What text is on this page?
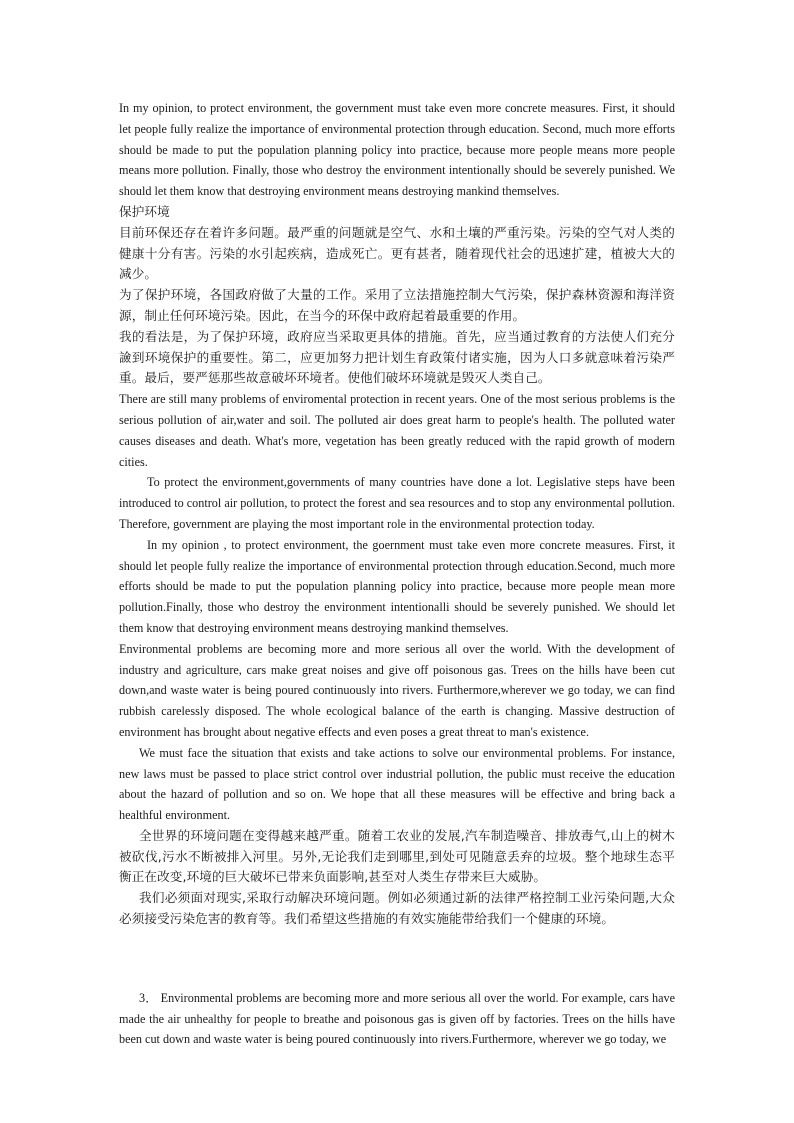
In my opinion, to protect environment, the government must take even more concrete measures. First, it should let people fully realize the importance of environmental protection through education. Second, much more efforts should be made to put the population planning policy into practice, because more people means more people means more pollution. Finally, those who destroy the environment intentionally should be severely punished. We should let them know that destroying environment means destroying mankind themselves.

保护环境

目前环保还存在着许多问题。最严重的问题就是空气、水和土壤的严重污染。污染的空气对人类的健康十分有害。污染的水引起疾病，造成死亡。更有甚者，随着现代社会的迅速扩建，植被大大的减少。

为了保护环境，各国政府做了大量的工作。采用了立法措施控制大气污染，保护森林资源和海洋资源，制止任何环境污染。因此，在当今的环保中政府起着最重要的作用。

我的看法是，为了保护环境，政府应当采取更具体的措施。首先，应当通过教育的方法使人们充分譣到环境保护的重要性。第二，应更加努力把计划生育政策付诸实施，因为人口多就意味着污染严重。最后，要严惩那些故意破坏环境者。使他们破坏环境就是毁灭人类自己。

There are still many problems of enviromental protection in recent years. One of the most serious problems is the serious pollution of air,water and soil. The polluted air does great harm to people's health. The polluted water causes diseases and death. What's more, vegetation has been greatly reduced with the rapid growth of modern cities.

To protect the environment,governments of many countries have done a lot. Legislative steps have been introduced to control air pollution, to protect the forest and sea resources and to stop any environmental pollution. Therefore, government are playing the most important role in the environmental protection today.

In my opinion , to protect environment, the goernment must take even more concrete measures. First, it should let people fully realize the importance of environmental protection through education.Second, much more efforts should be made to put the population planning policy into practice, because more people mean more pollution.Finally, those who destroy the environment intentionalli should be severely punished. We should let them know that destroying environment means destroying mankind themselves.

Environmental problems are becoming more and more serious all over the world. With the development of industry and agriculture, cars make great noises and give off poisonous gas. Trees on the hills have been cut down,and waste water is being poured continuously into rivers. Furthermore,wherever we go today, we can find rubbish carelessly disposed. The whole ecological balance of the earth is changing. Massive destruction of environment has brought about negative effects and even poses a great threat to man's existence.

We must face the situation that exists and take actions to solve our environmental problems. For instance, new laws must be passed to place strict control over industrial pollution, the public must receive the education about the hazard of pollution and so on. We hope that all these measures will be effective and bring back a healthful environment.

全世界的环境问题在变得越来越严重。随着工农业的发展,汽车制造噪音、排放毒气,山上的树木被砍伐,污水不断被排入河里。另外,无论我们走到哪里,到处可见随意丢弃的垃圾。整个地球生态平衡正在改变,环境的巨大破坏已带来负面影响,甚至对人类生存带来巨大威胁。

我们必须面对现实,采取行动解决环境问题。例如必须通过新的法律严格控制工业污染问题,大众必须接受污染危害的教育等。我们希望这些措施的有效实施能带给我们一个健康的环境。

3． Environmental problems are becoming more and more serious all over the world. For example, cars have made the air unhealthy for people to breathe and poisonous gas is given off by factories. Trees on the hills have been cut down and waste water is being poured continuously into rivers.Furthermore, wherever we go today, we
